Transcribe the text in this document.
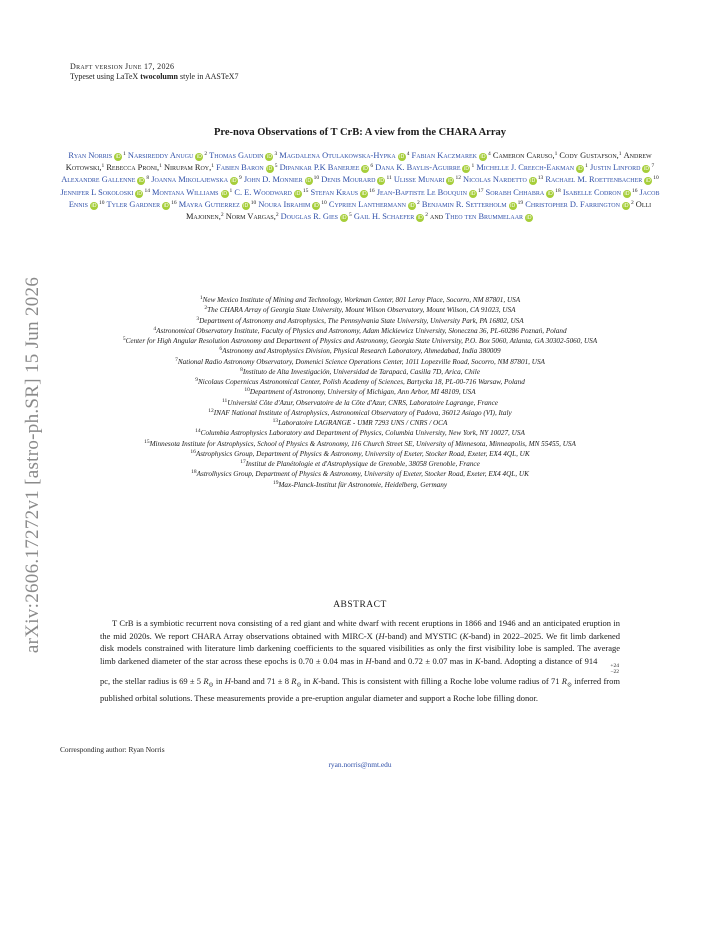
arXiv:2606.17272v1 [astro-ph.SR] 15 Jun 2026
Draft version June 17, 2026
Typeset using LaTeX twocolumn style in AASTeX7
Pre-nova Observations of T CrB: A view from the CHARA Array
Ryan Norris iD $^1$ Narsireddy Anugu iD $^2$ Thomas Gaudin iD $^3$ Magdalena Otulakowska-Hypka iD $^4$ Fabian Kaczmarek iD $^4$ Cameron Caruso,$^1$ Cody Gustafson,$^1$ Andrew Kotowski,$^1$ Rebecca Proni,$^1$ Nirupam Roy,$^1$ Fabien Baron iD $^5$ Dipankar P.K Banerjee iD $^6$ Dana K. Baylis-Aguirre iD $^1$ Michelle J. Creech-Eakman iD $^1$ Justin Linford iD $^7$ Alexandre Gallenne iD $^8$ Joanna Mikolajewska iD $^9$ John D. Monnier iD $^{10}$ Denis Mourard iD $^{11}$ Ulisse Munari iD $^{12}$ Nicolas Nardetto iD $^{13}$ Rachael M. Roettenbacher iD $^{10}$ Jennifer L Sokoloski iD $^{14}$ Montana Williams iD $^1$ C. E. Woodward iD $^{15}$ Stefan Kraus iD $^{16}$ Jean-Baptiste Le Bouquin iD $^{17}$ Sorabh Chhabra iD $^{18}$ Isabelle Codron iD $^{16}$ Jacob Ennis iD $^{10}$ Tyler Gardner iD $^{16}$ Mayra Gutierrez iD $^{10}$ Noura Ibrahim iD $^{10}$ Cyprien Lanthermann iD $^2$ Benjamin R. Setterholm iD $^{19}$ Christopher D. Farrington iD $^2$ Olli Majoinen,$^2$ Norm Vargas,$^2$ Douglas R. Gies iD $^5$ Gail H. Schaefer iD $^2$ and Theo ten Brummelaar iD
$^1$New Mexico Institute of Mining and Technology, Workman Center, 801 Leroy Place, Socorro, NM 87801, USA
$^2$The CHARA Array of Georgia State University, Mount Wilson Observatory, Mount Wilson, CA 91023, USA
$^3$Department of Astronomy and Astrophysics, The Pennsylvania State University, University Park, PA 16802, USA
$^4$Astronomical Observatory Institute, Faculty of Physics and Astronomy, Adam Mickiewicz University, Słoneczna 36, PL-60286 Poznań, Poland
$^5$Center for High Angular Resolution Astronomy and Department of Physics and Astronomy, Georgia State University, P.O. Box 5060, Atlanta, GA 30302-5060, USA
$^6$Astronomy and Astrophysics Division, Physical Research Laboratory, Ahmedabad, India 380009
$^7$National Radio Astronomy Observatory, Domenici Science Operations Center, 1011 Lopezville Road, Socorro, NM 87801, USA
$^8$Instituto de Alta Investigación, Universidad de Tarapacá, Casilla 7D, Arica, Chile
$^9$Nicolaus Copernicus Astronomical Center, Polish Academy of Sciences, Bartycka 18, PL-00-716 Warsaw, Poland
$^{10}$Department of Astronomy, University of Michigan, Ann Arbor, MI 48109, USA
$^{11}$Université Côte d'Azur, Observatoire de la Côte d'Azur, CNRS, Laboratoire Lagrange, France
$^{12}$INAF National Institute of Astrophysics, Astronomical Observatory of Padova, 36012 Asiago (VI), Italy
$^{13}$Laboratoire LAGRANGE - UMR 7293 UNS / CNRS / OCA
$^{14}$Columbia Astrophysics Laboratory and Department of Physics, Columbia University, New York, NY 10027, USA
$^{15}$Minnesota Institute for Astrophysics, School of Physics & Astronomy, 116 Church Street SE, University of Minnesota, Minneapolis, MN 55455, USA
$^{16}$Astrophysics Group, Department of Physics & Astronomy, University of Exeter, Stocker Road, Exeter, EX4 4QL, UK
$^{17}$Institut de Planétologie et d'Astrophysique de Grenoble, 38058 Grenoble, France
$^{18}$Astrolhysics Group, Department of Physics & Astronomy, University of Exeter, Stocker Road, Exeter, EX4 4QL, UK
$^{19}$Max-Planck-Institut für Astronomie, Heidelberg, Germany
ABSTRACT
T CrB is a symbiotic recurrent nova consisting of a red giant and white dwarf with recent eruptions in 1866 and 1946 and an anticipated eruption in the mid 2020s. We report CHARA Array observations obtained with MIRC-X (H-band) and MYSTIC (K-band) in 2022–2025. We fit limb darkened disk models constrained with literature limb darkening coefficients to the squared visibilities as only the first visibility lobe is sampled. The average limb darkened diameter of the star across these epochs is 0.70 ± 0.04 mas in H-band and 0.72 ± 0.07 mas in K-band. Adopting a distance of 914	+24
−22
pc, the stellar radius is 69 ± 5 $R_⊙$ in H-band and 71 ± 8 $R_⊙$ in K-band. This is consistent with filling a Roche lobe volume radius of 71 $R_⊙$ inferred from published orbital solutions. These measurements provide a pre-eruption angular diameter and support a Roche lobe filling donor.
Corresponding author: Ryan Norris
ryan.norris@nmt.edu
